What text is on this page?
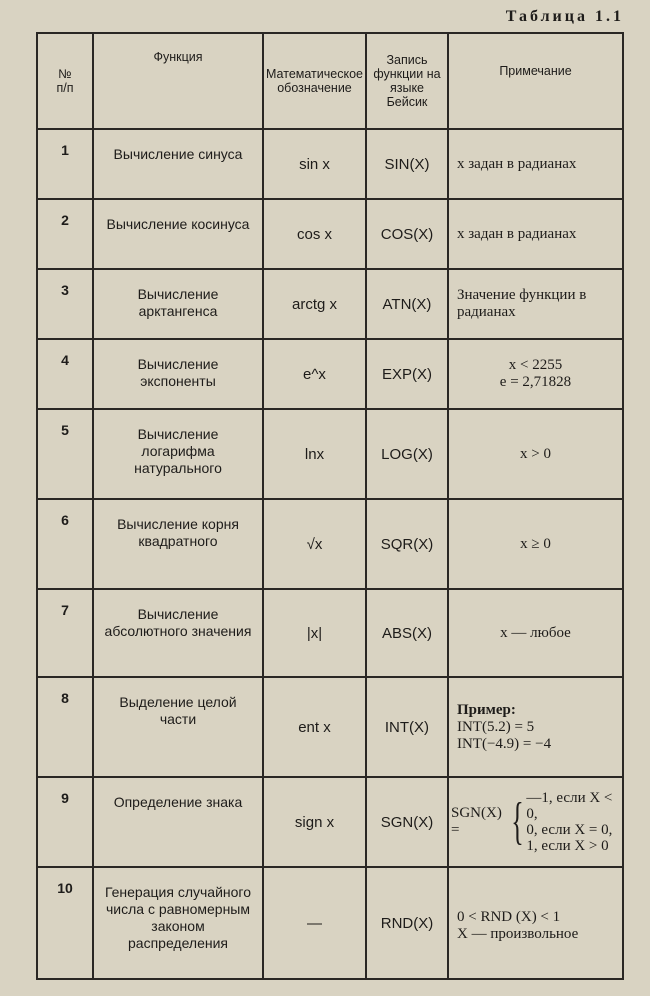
Таблица 1.1
№
п/п	Функция	Математическое обозначение	Запись функции на языке Бейсик	Примечание
1	Вычисление синуса	sin x	SIN(X)	x задан в радианах
2	Вычисление косинуса	cos x	COS(X)	x задан в радианах
3	Вычисление арктангенса	arctg x	ATN(X)	Значение функции в радианах
4	Вычисление экспоненты	e^x	EXP(X)	x < 2255
e = 2,71828

5	Вычисление логарифма натурального	lnx	LOG(X)	x > 0
6	Вычисление корня квадратного	√x	SQR(X)	x ≥ 0
7	Вычисление абсолютного значения	|x|	ABS(X)	x — любое
8	Выделение целой части	ent x	INT(X)	Пример:
INT(5.2) = 5
INT(−4.9) = −4

9	Определение знака	sign x	SGN(X)	SGN(X) = { —1, если X < 0,
0, если X = 0,
1, если X > 0

10	Генерация случайного числа с равномерным законом распределения	—	RND(X)	0 < RND (X) < 1
X — произвольное
